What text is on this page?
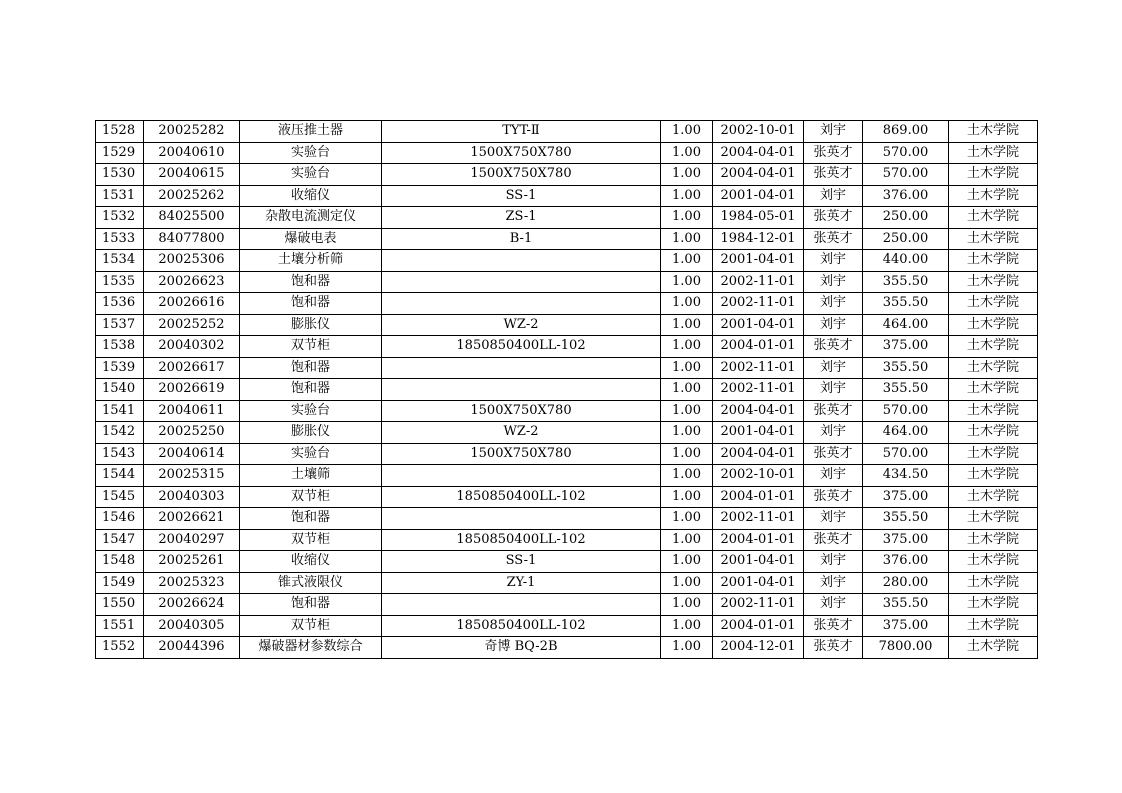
1528	20025282	液压推土器	TYT-Ⅱ	1.00	2002-10-01	刘宇	869.00	土木学院
1529	20040610	实验台	1500X750X780	1.00	2004-04-01	张英才	570.00	土木学院
1530	20040615	实验台	1500X750X780	1.00	2004-04-01	张英才	570.00	土木学院
1531	20025262	收缩仪	SS-1	1.00	2001-04-01	刘宇	376.00	土木学院
1532	84025500	杂散电流测定仪	ZS-1	1.00	1984-05-01	张英才	250.00	土木学院
1533	84077800	爆破电表	B-1	1.00	1984-12-01	张英才	250.00	土木学院
1534	20025306	土壤分析筛		1.00	2001-04-01	刘宇	440.00	土木学院
1535	20026623	饱和器		1.00	2002-11-01	刘宇	355.50	土木学院
1536	20026616	饱和器		1.00	2002-11-01	刘宇	355.50	土木学院
1537	20025252	膨胀仪	WZ-2	1.00	2001-04-01	刘宇	464.00	土木学院
1538	20040302	双节柜	1850850400LL-102	1.00	2004-01-01	张英才	375.00	土木学院
1539	20026617	饱和器		1.00	2002-11-01	刘宇	355.50	土木学院
1540	20026619	饱和器		1.00	2002-11-01	刘宇	355.50	土木学院
1541	20040611	实验台	1500X750X780	1.00	2004-04-01	张英才	570.00	土木学院
1542	20025250	膨胀仪	WZ-2	1.00	2001-04-01	刘宇	464.00	土木学院
1543	20040614	实验台	1500X750X780	1.00	2004-04-01	张英才	570.00	土木学院
1544	20025315	土壤筛		1.00	2002-10-01	刘宇	434.50	土木学院
1545	20040303	双节柜	1850850400LL-102	1.00	2004-01-01	张英才	375.00	土木学院
1546	20026621	饱和器		1.00	2002-11-01	刘宇	355.50	土木学院
1547	20040297	双节柜	1850850400LL-102	1.00	2004-01-01	张英才	375.00	土木学院
1548	20025261	收缩仪	SS-1	1.00	2001-04-01	刘宇	376.00	土木学院
1549	20025323	锥式液限仪	ZY-1	1.00	2001-04-01	刘宇	280.00	土木学院
1550	20026624	饱和器		1.00	2002-11-01	刘宇	355.50	土木学院
1551	20040305	双节柜	1850850400LL-102	1.00	2004-01-01	张英才	375.00	土木学院
1552	20044396	爆破器材参数综合	奇博 BQ-2B	1.00	2004-12-01	张英才	7800.00	土木学院
